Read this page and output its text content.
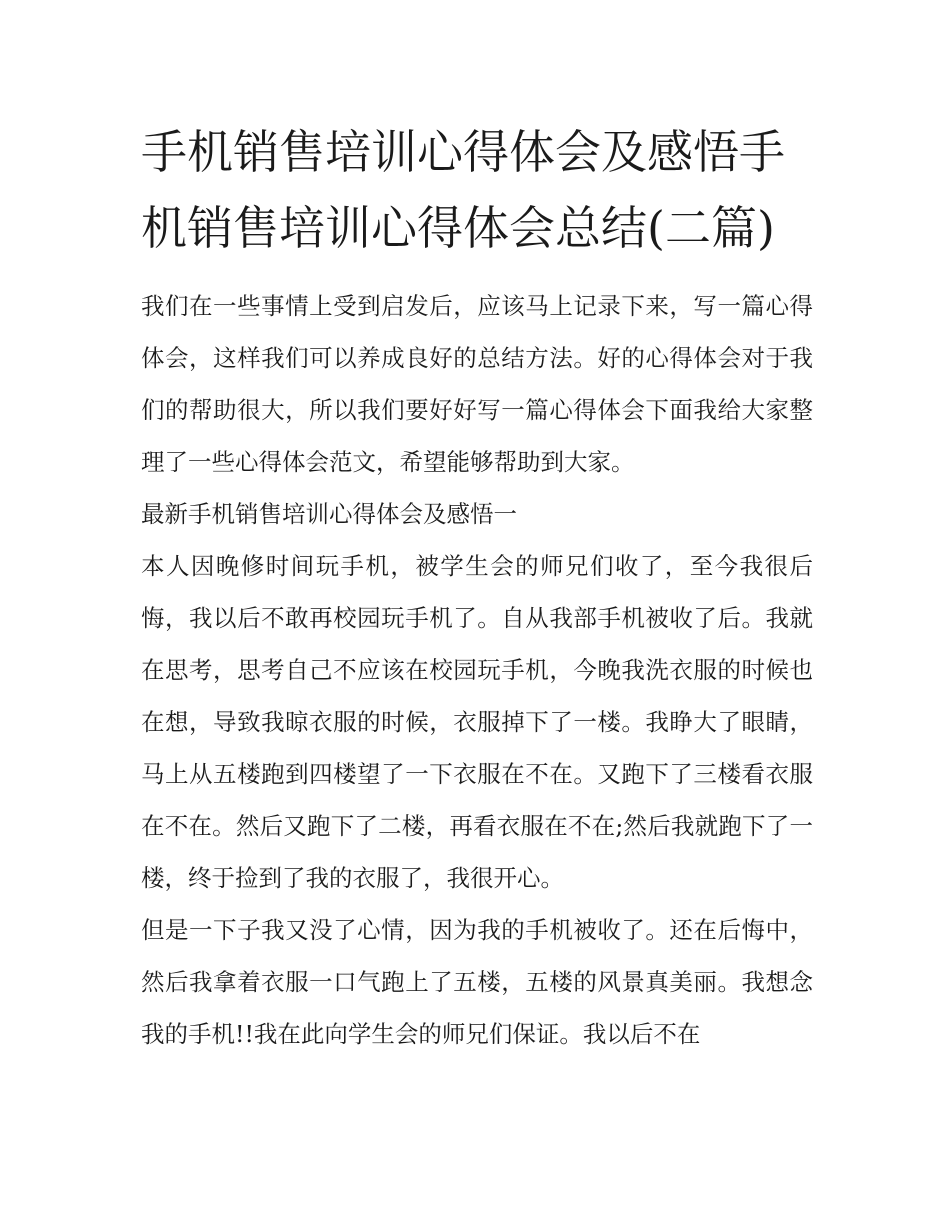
手机销售培训心得体会及感悟手机销售培训心得体会总结(二篇)

我们在一些事情上受到启发后，应该马上记录下来，写一篇心得体会，这样我们可以养成良好的总结方法。好的心得体会对于我们的帮助很大，所以我们要好好写一篇心得体会下面我给大家整理了一些心得体会范文，希望能够帮助到大家。

最新手机销售培训心得体会及感悟一

本人因晚修时间玩手机，被学生会的师兄们收了，至今我很后悔，我以后不敢再校园玩手机了。自从我部手机被收了后。我就在思考，思考自己不应该在校园玩手机，今晚我洗衣服的时候也在想，导致我晾衣服的时候，衣服掉下了一楼。我睁大了眼睛，马上从五楼跑到四楼望了一下衣服在不在。又跑下了三楼看衣服在不在。然后又跑下了二楼，再看衣服在不在;然后我就跑下了一楼，终于捡到了我的衣服了，我很开心。

但是一下子我又没了心情，因为我的手机被收了。还在后悔中，然后我拿着衣服一口气跑上了五楼，五楼的风景真美丽。我想念我的手机!!我在此向学生会的师兄们保证。我以后不在
